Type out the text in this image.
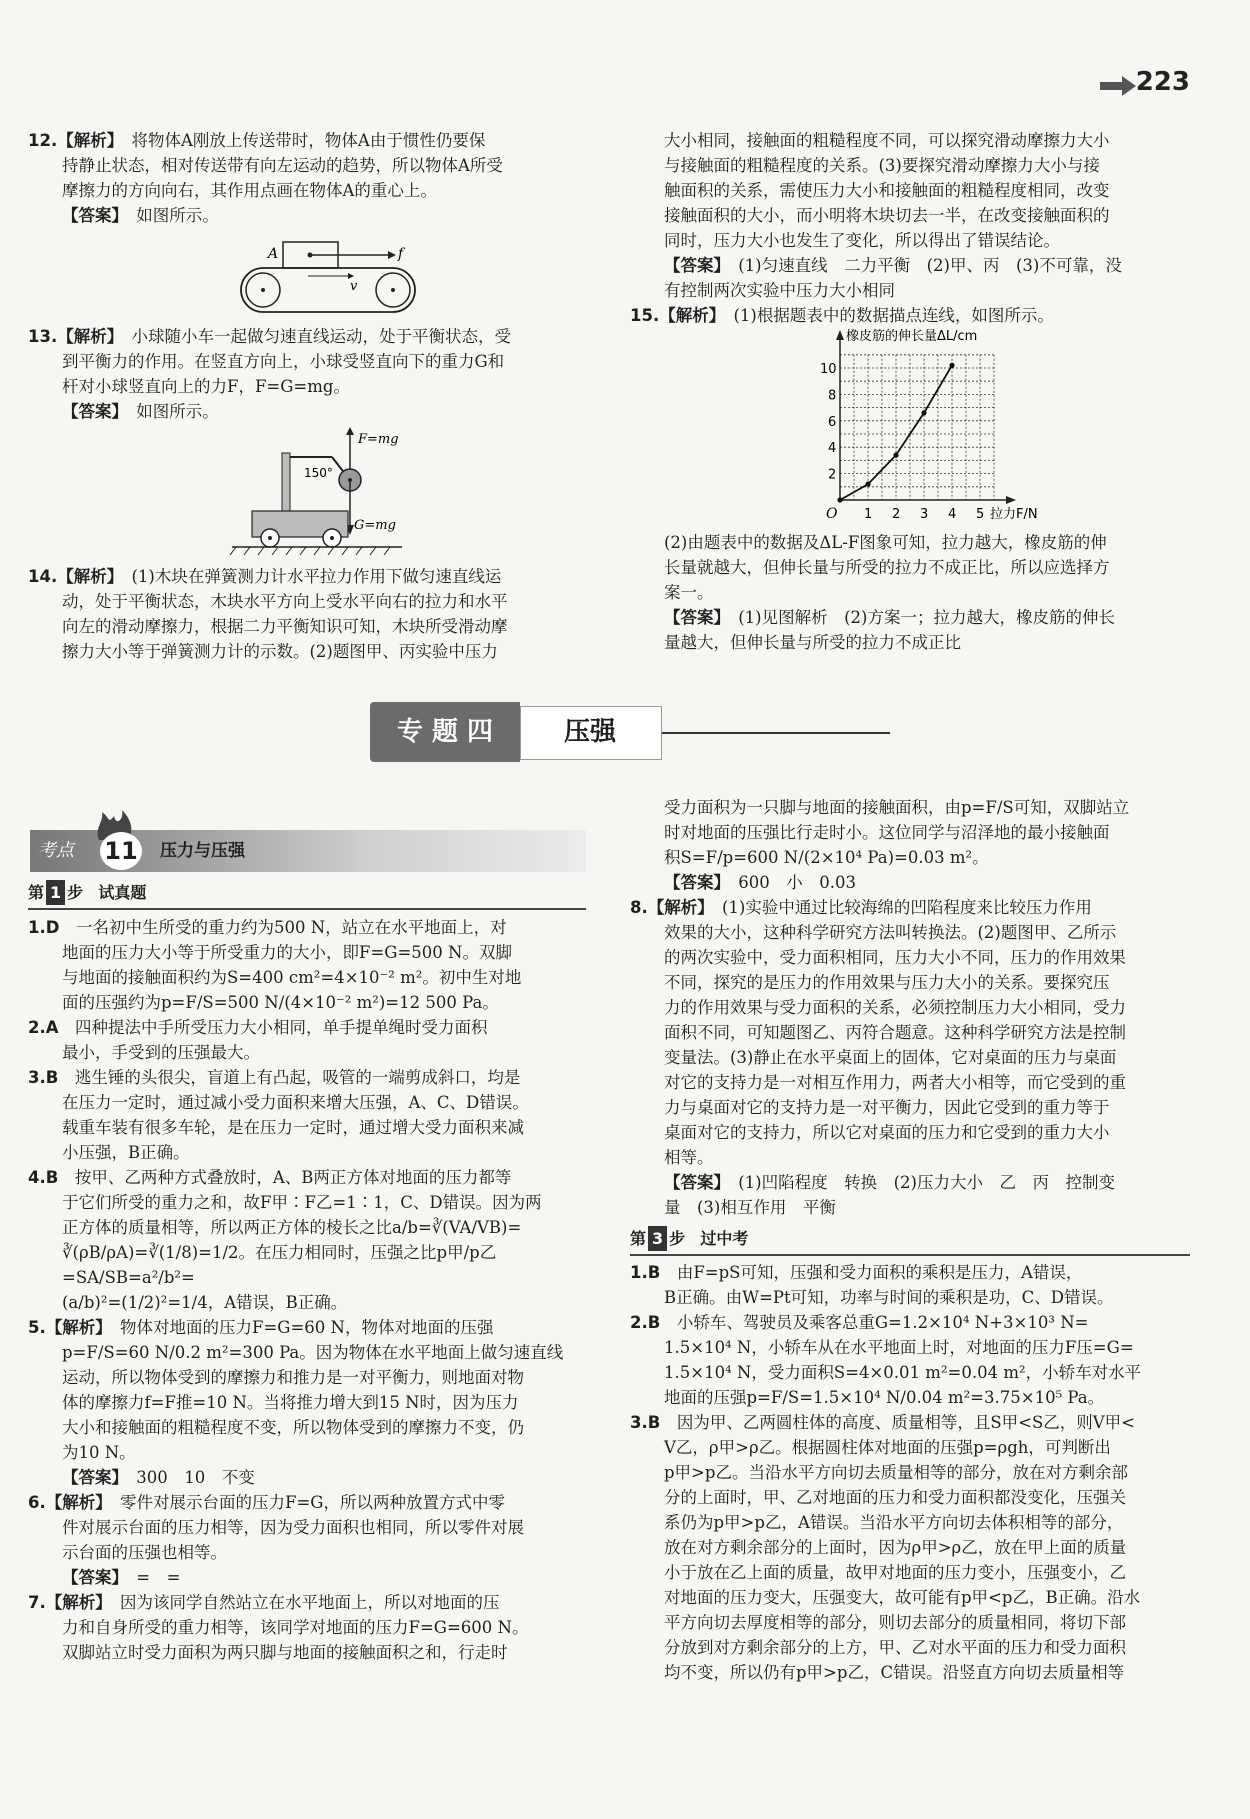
223
12.【解析】　 将物体A刚放上传送带时，物体A由于惯性仍要保
持静止状态，相对传送带有向左运动的趋势，所以物体A所受
摩擦力的方向向右，其作用点画在物体A的重心上。
【答案】　 如图所示。
A	f
v
13.【解析】　 小球随小车一起做匀速直线运动，处于平衡状态，受
到平衡力的作用。在竖直方向上，小球受竖直向下的重力G和
杆对小球竖直向上的力F，F=G=mg。
【答案】　 如图所示。
F=mg
150°
G=mg
14.【解析】　 (1)木块在弹簧测力计水平拉力作用下做匀速直线运
动，处于平衡状态，木块水平方向上受水平向右的拉力和水平
向左的滑动摩擦力，根据二力平衡知识可知，木块所受滑动摩
擦力大小等于弹簧测力计的示数。(2)题图甲、丙实验中压力
大小相同，接触面的粗糙程度不同，可以探究滑动摩擦力大小
与接触面的粗糙程度的关系。(3)要探究滑动摩擦力大小与接
触面积的关系，需使压力大小和接触面的粗糙程度相同，改变
接触面积的大小，而小明将木块切去一半，在改变接触面积的
同时，压力大小也发生了变化，所以得出了错误结论。
【答案】　 (1)匀速直线　二力平衡　(2)甲、丙　(3)不可靠，没
有控制两次实验中压力大小相同
15.【解析】　 (1)根据题表中的数据描点连线，如图所示。
橡皮筋的伸长量ΔL/cm
拉力F/N
O 1 2 3 4 5
2
4
6
8
10
(2)由题表中的数据及ΔL-F图象可知，拉力越大，橡皮筋的伸
长量就越大，但伸长量与所受的拉力不成正比，所以应选择方
案一。
【答案】　 (1)见图解析　(2)方案一；拉力越大，橡皮筋的伸长
量越大，但伸长量与所受的拉力不成正比
专 题 四	压强
考点 11 压力与压强
第 1 步 试真题
1.D　 一名初中生所受的重力约为500 N，站立在水平地面上，对
地面的压力大小等于所受重力的大小，即F=G=500 N。双脚
与地面的接触面积约为S=400 cm²=4×10⁻² m²。初中生对地
面的压强约为p=F/S=500 N/(4×10⁻² m²)=12 500 Pa。
2.A　 四种提法中手所受压力大小相同，单手提单绳时受力面积
最小，手受到的压强最大。
3.B　 逃生锤的头很尖，盲道上有凸起，吸管的一端剪成斜口，均是
在压力一定时，通过减小受力面积来增大压强，A、C、D错误。
载重车装有很多车轮，是在压力一定时，通过增大受力面积来减
小压强，B正确。
4.B　 按甲、乙两种方式叠放时，A、B两正方体对地面的压力都等
于它们所受的重力之和，故F甲∶F乙=1∶1，C、D错误。因为两
正方体的质量相等，所以两正方体的棱长之比a/b=∛(VA/VB)=
∛(ρB/ρA)=∛(1/8)=1/2。在压力相同时，压强之比p甲/p乙=SA/SB=a²/b²=
(a/b)²=(1/2)²=1/4，A错误，B正确。
5.【解析】　 物体对地面的压力F=G=60 N，物体对地面的压强
p=F/S=60 N/0.2 m²=300 Pa。因为物体在水平地面上做匀速直线
运动，所以物体受到的摩擦力和推力是一对平衡力，则地面对物
体的摩擦力f=F推=10 N。当将推力增大到15 N时，因为压力
大小和接触面的粗糙程度不变，所以物体受到的摩擦力不变，仍
为10 N。
【答案】　 300　10　不变
6.【解析】　 零件对展示台面的压力F=G，所以两种放置方式中零
件对展示台面的压力相等，因为受力面积也相同，所以零件对展
示台面的压强也相等。
【答案】　 =　=
7.【解析】　 因为该同学自然站立在水平地面上，所以对地面的压
力和自身所受的重力相等，该同学对地面的压力F=G=600 N。
双脚站立时受力面积为两只脚与地面的接触面积之和，行走时
受力面积为一只脚与地面的接触面积，由p=F/S可知，双脚站立
时对地面的压强比行走时小。这位同学与沼泽地的最小接触面
积S=F/p=600 N/(2×10⁴ Pa)=0.03 m²。
【答案】　 600　小　0.03
8.【解析】　 (1)实验中通过比较海绵的凹陷程度来比较压力作用
效果的大小，这种科学研究方法叫转换法。(2)题图甲、乙所示
的两次实验中，受力面积相同，压力大小不同，压力的作用效果
不同，探究的是压力的作用效果与压力大小的关系。要探究压
力的作用效果与受力面积的关系，必须控制压力大小相同，受力
面积不同，可知题图乙、丙符合题意。这种科学研究方法是控制
变量法。(3)静止在水平桌面上的固体，它对桌面的压力与桌面
对它的支持力是一对相互作用力，两者大小相等，而它受到的重
力与桌面对它的支持力是一对平衡力，因此它受到的重力等于
桌面对它的支持力，所以它对桌面的压力和它受到的重力大小
相等。
【答案】　 (1)凹陷程度　转换　(2)压力大小　乙　丙　控制变
量　(3)相互作用　平衡
第 3 步 过中考
1.B　 由F=pS可知，压强和受力面积的乘积是压力，A错误，
B正确。由W=Pt可知，功率与时间的乘积是功，C、D错误。
2.B　 小轿车、驾驶员及乘客总重G=1.2×10⁴ N+3×10³ N=
1.5×10⁴ N，小轿车从在水平地面上时，对地面的压力F压=G=
1.5×10⁴ N，受力面积S=4×0.01 m²=0.04 m²，小轿车对水平
地面的压强p=F/S=1.5×10⁴ N/0.04 m²=3.75×10⁵ Pa。
3.B　 因为甲、乙两圆柱体的高度、质量相等，且S甲<S乙，则V甲<
V乙，ρ甲>ρ乙。根据圆柱体对地面的压强p=ρgh，可判断出
p甲>p乙。当沿水平方向切去质量相等的部分，放在对方剩余部
分的上面时，甲、乙对地面的压力和受力面积都没变化，压强关
系仍为p甲>p乙，A错误。当沿水平方向切去体积相等的部分，
放在对方剩余部分的上面时，因为ρ甲>ρ乙，放在甲上面的质量
小于放在乙上面的质量，故甲对地面的压力变小，压强变小，乙
对地面的压力变大，压强变大，故可能有p甲<p乙，B正确。沿水
平方向切去厚度相等的部分，则切去部分的质量相同，将切下部
分放到对方剩余部分的上方，甲、乙对水平面的压力和受力面积
均不变，所以仍有p甲>p乙，C错误。沿竖直方向切去质量相等
